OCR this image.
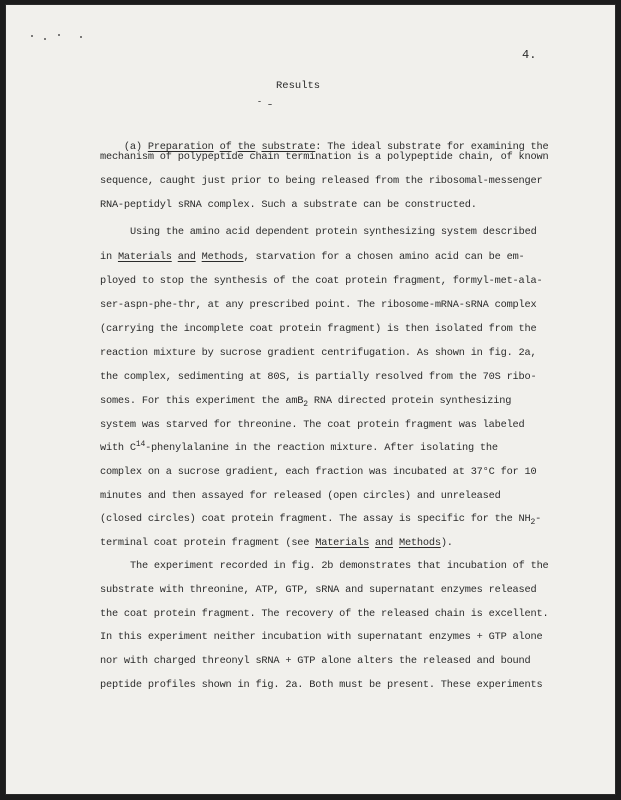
4.
Results

(a) Preparation of the substrate: The ideal substrate for examining the

mechanism of polypeptide chain termination is a polypeptide chain, of known
sequence, caught just prior to being released from the ribosomal-messenger
RNA-peptidyl sRNA complex. Such a substrate can be constructed.
Using the amino acid dependent protein synthesizing system described
in Materials and Methods, starvation for a chosen amino acid can be em-
ployed to stop the synthesis of the coat protein fragment, formyl-met-ala-
ser-aspn-phe-thr, at any prescribed point. The ribosome-mRNA-sRNA complex
(carrying the incomplete coat protein fragment) is then isolated from the
reaction mixture by sucrose gradient centrifugation. As shown in fig. 2a,
the complex, sedimenting at 80S, is partially resolved from the 70S ribo-
somes. For this experiment the amB$_2$ RNA directed protein synthesizing
system was starved for threonine. The coat protein fragment was labeled
with $C^{14}$-phenylalanine in the reaction mixture. After isolating the
complex on a sucrose gradient, each fraction was incubated at 37°C for 10
minutes and then assayed for released (open circles) and unreleased
(closed circles) coat protein fragment. The assay is specific for the $NH_2-$
terminal coat protein fragment (see Materials and Methods).
The experiment recorded in fig. 2b demonstrates that incubation of the
substrate with threonine, ATP, GTP, sRNA and supernatant enzymes released
the coat protein fragment. The recovery of the released chain is excellent.
In this experiment neither incubation with supernatant enzymes + GTP alone
nor with charged threonyl sRNA + GTP alone alters the released and bound
peptide profiles shown in fig. 2a. Both must be present. These experiments
